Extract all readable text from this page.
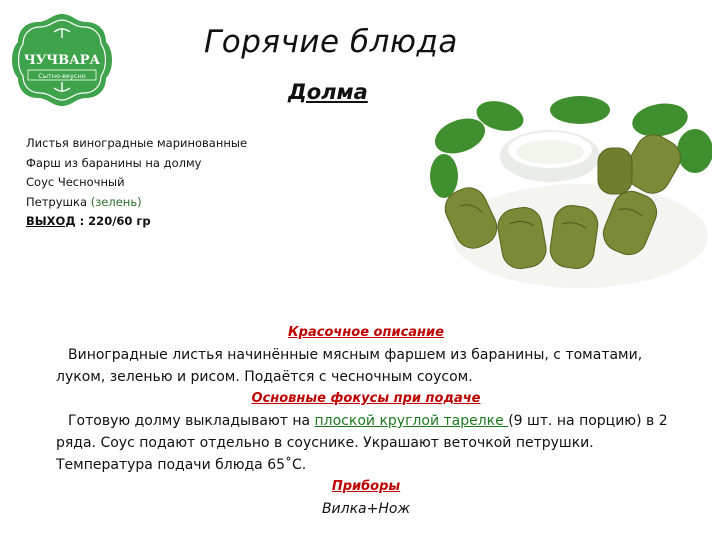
ЧУЧВАРА
Сытно-вкусно
Горячие блюда
Долма
Листья виноградные маринованные
Фарш из баранины на долму
Соус Чесночный
Петрушка (зелень)
ВЫХОД : 220/60 гр
Красочное описание
Виноградные листья начинённые мясным фаршем из баранины, с томатами, луком, зеленью и рисом. Подаётся с чесночным соусом.
Основные фокусы при подаче
Готовую долму выкладывают на плоской круглой тарелке (9 шт. на порцию) в 2 ряда. Соус подают отдельно в соуснике. Украшают веточкой петрушки. Температура подачи блюда 65˚С.
Приборы
Вилка+Нож
